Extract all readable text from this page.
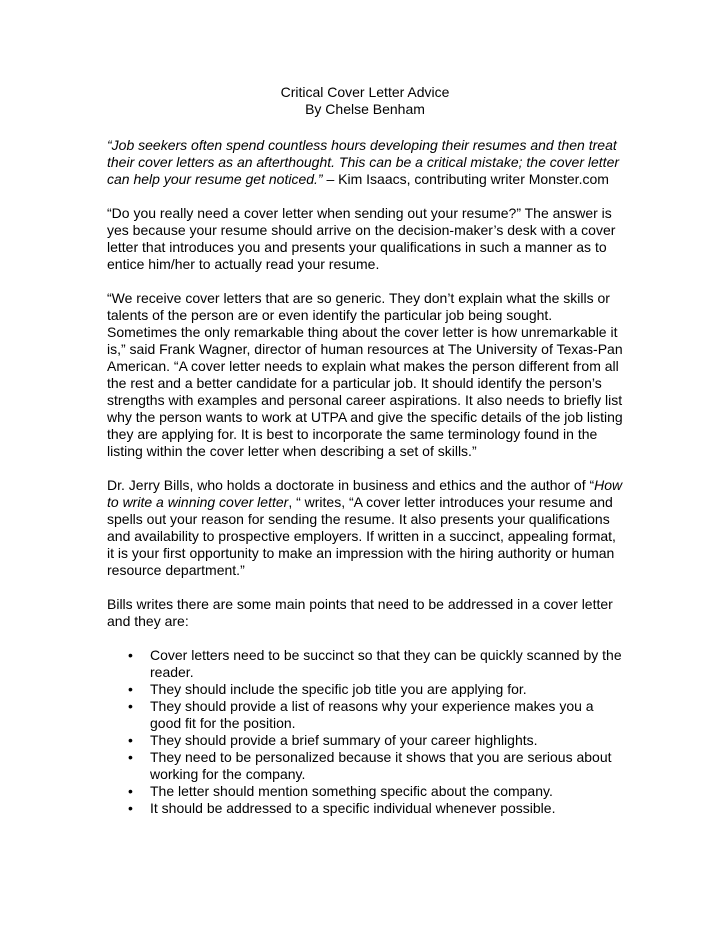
Critical Cover Letter Advice
By Chelse Benham

“Job seekers often spend countless hours developing their resumes and then treat their cover letters as an afterthought. This can be a critical mistake; the cover letter can help your resume get noticed.” – Kim Isaacs, contributing writer Monster.com

“Do you really need a cover letter when sending out your resume?” The answer is yes because your resume should arrive on the decision-maker’s desk with a cover letter that introduces you and presents your qualifications in such a manner as to entice him/her to actually read your resume.

“We receive cover letters that are so generic. They don’t explain what the skills or talents of the person are or even identify the particular job being sought. Sometimes the only remarkable thing about the cover letter is how unremarkable it is,” said Frank Wagner, director of human resources at The University of Texas-Pan American. “A cover letter needs to explain what makes the person different from all the rest and a better candidate for a particular job. It should identify the person’s strengths with examples and personal career aspirations. It also needs to briefly list why the person wants to work at UTPA and give the specific details of the job listing they are applying for. It is best to incorporate the same terminology found in the listing within the cover letter when describing a set of skills.”

Dr. Jerry Bills, who holds a doctorate in business and ethics and the author of “How to write a winning cover letter, “ writes, “A cover letter introduces your resume and spells out your reason for sending the resume. It also presents your qualifications and availability to prospective employers. If written in a succinct, appealing format, it is your first opportunity to make an impression with the hiring authority or human resource department.”

Bills writes there are some main points that need to be addressed in a cover letter and they are:

• Cover letters need to be succinct so that they can be quickly scanned by the reader.
• They should include the specific job title you are applying for.
• They should provide a list of reasons why your experience makes you a good fit for the position.
• They should provide a brief summary of your career highlights.
• They need to be personalized because it shows that you are serious about working for the company.
• The letter should mention something specific about the company.
• It should be addressed to a specific individual whenever possible.
